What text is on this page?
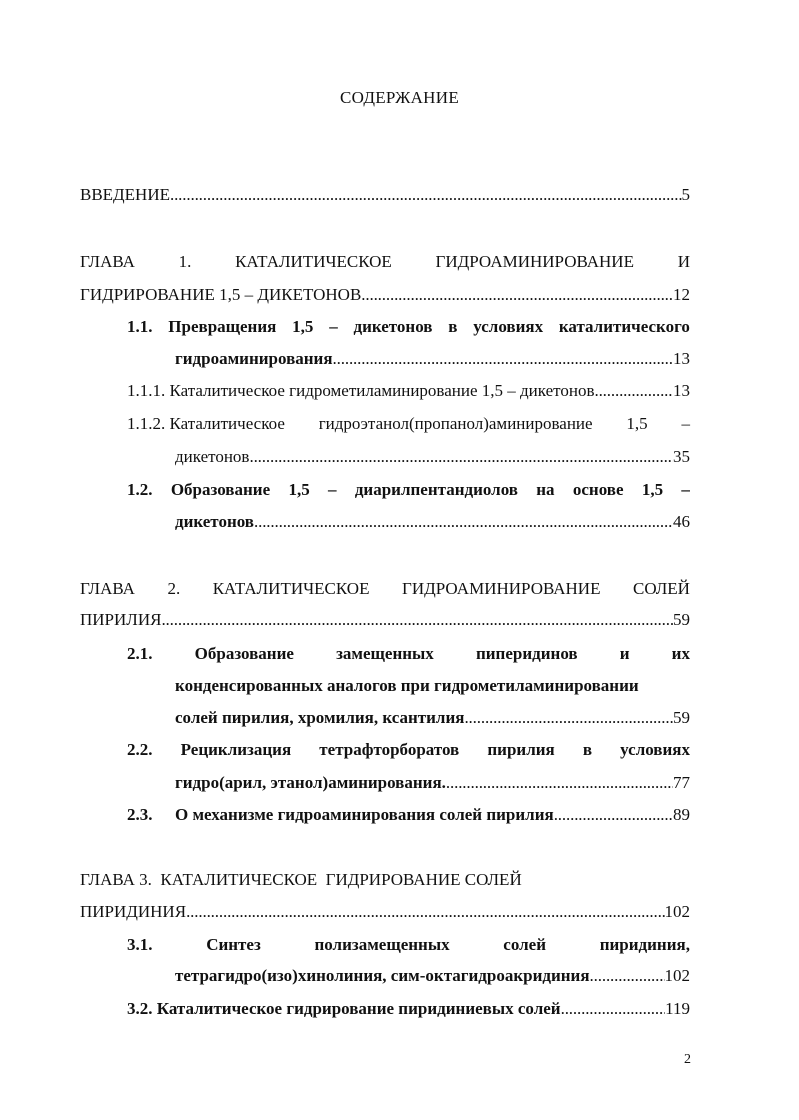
СОДЕРЖАНИЕ
ВВЕДЕНИЕ . . .	5
ГЛАВА	1.	КАТАЛИТИЧЕСКОЕ	ГИДРОАМИНИРОВАНИЕ	И
ГИДРИРОВАНИЕ 1,5 – ДИКЕТОНОВ . . .	12
1.1. Превращения 1,5 – дикетонов в условиях каталитического
гидроаминирования . . .	13
1.1.1. Каталитическое гидрометиламинирование 1,5 – дикетонов . . .	13
1.1.2. Каталитическое гидроэтанол(пропанол)аминирование 1,5 –
дикетонов . . .	35
1.2. Образование 1,5 – диарилпентандиолов на основе 1,5 –
дикетонов . . .	46
ГЛАВА 2. КАТАЛИТИЧЕСКОЕ ГИДРОАМИНИРОВАНИЕ СОЛЕЙ
ПИРИЛИЯ . . .	59
2.1. Образование замещенных пиперидинов и их
конденсированных аналогов при гидрометиламинировании
солей пирилия, хромилия, ксантилия . . .	59
2.2. Рециклизация тетрафторборатов пирилия в условиях
гидро(арил, этанол)аминирования. . . .	77
2.3.	О механизме гидроаминирования солей пирилия . . .	89
ГЛАВА 3.  КАТАЛИТИЧЕСКОЕ  ГИДРИРОВАНИЕ СОЛЕЙ
ПИРИДИНИЯ . . .	102
3.1.	Синтез	полизамещенных	солей	пиридиния,
тетрагидро(изо)хинолиния, сим-октагидроакридиния . . .	102
3.2. Каталитическое гидрирование пиридиниевых солей . . .	119
2
